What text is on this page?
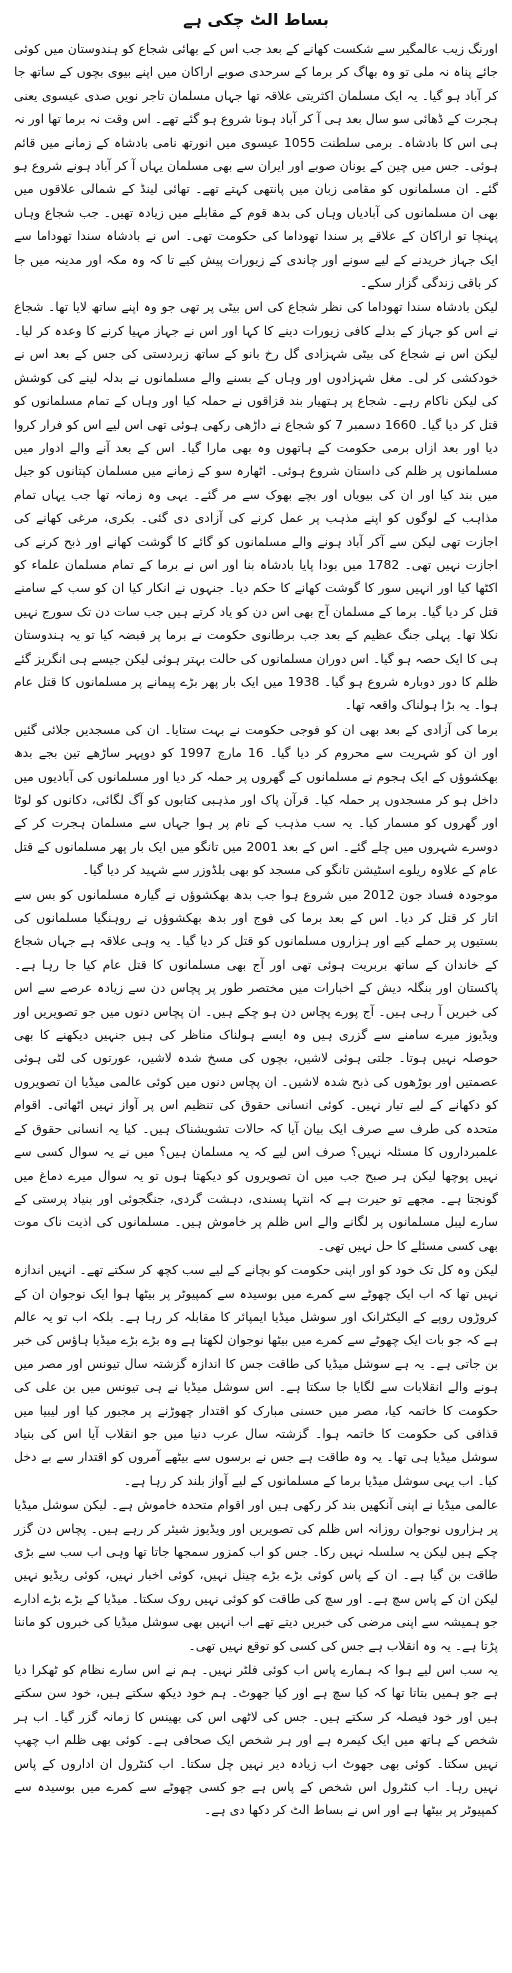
بساط الٹ چکی ہے

اورنگ زیب عالمگیر سے شکست کھانے کے بعد جب اس کے بھائی شجاع کو ہندوستان میں کوئی جائے پناہ نہ ملی تو وہ بھاگ کر برما کے سرحدی صوبے اراکان میں اپنے بیوی بچوں کے ساتھ جا کر آباد ہو گیا۔ یہ ایک مسلمان اکثریتی علاقہ تھا جہاں مسلمان تاجر نویں صدی عیسوی یعنی ہجرت کے ڈھائی سو سال بعد ہی آ کر آباد ہونا شروع ہو گئے تھے۔ اس وقت نہ برما تھا اور نہ ہی اس کا بادشاہ۔ برمی سلطنت 1055 عیسوی میں انورتھ نامی بادشاہ کے زمانے میں قائم ہوئی۔ جس میں چین کے یونان صوبے اور ایران سے بھی مسلمان یہاں آ کر آباد ہونے شروع ہو گئے۔ ان مسلمانوں کو مقامی زبان میں پانتھی کہتے تھے۔ تھائی لینڈ کے شمالی علاقوں میں بھی ان مسلمانوں کی آبادیاں وہاں کی بدھ قوم کے مقابلے میں زیادہ تھیں۔ جب شجاع وہاں پہنچا تو اراکان کے علاقے پر سندا تھوداما کی حکومت تھی۔ اس نے بادشاہ سندا تھوداما سے ایک جہاز خریدنے کے لیے سونے اور چاندی کے زیورات پیش کیے تا کہ وہ مکہ اور مدینہ میں جا کر باقی زندگی گزار سکے۔

لیکن بادشاہ سندا تھوداما کی نظر شجاع کی اس بیٹی پر تھی جو وہ اپنے ساتھ لایا تھا۔ شجاع نے اس کو جہاز کے بدلے کافی زیورات دینے کا کہا اور اس نے جہاز مہیا کرنے کا وعدہ کر لیا۔ لیکن اس نے شجاع کی بیٹی شہزادی گل رخ بانو کے ساتھ زبردستی کی جس کے بعد اس نے خودکشی کر لی۔ مغل شہزادوں اور وہاں کے بسنے والے مسلمانوں نے بدلہ لینے کی کوشش کی لیکن ناکام رہے۔ شجاع پر ہتھیار بند قزاقوں نے حملہ کیا اور وہاں کے تمام مسلمانوں کو قتل کر دیا گیا۔ 1660 دسمبر 7 کو شجاع نے داڑھی رکھی ہوئی تھی اس لیے اس کو فرار کروا دیا اور بعد ازاں برمی حکومت کے ہاتھوں وہ بھی مارا گیا۔ اس کے بعد آنے والے ادوار میں مسلمانوں پر ظلم کی داستان شروع ہوئی۔ اٹھارہ سو کے زمانے میں مسلمان کپتانوں کو جیل میں بند کیا اور ان کی بیویاں اور بچے بھوک سے مر گئے۔ یہی وہ زمانہ تھا جب یہاں تمام مذاہب کے لوگوں کو اپنے مذہب پر عمل کرنے کی آزادی دی گئی۔ بکری، مرغی کھانے کی اجازت تھی لیکن سے آکر آباد ہونے والے مسلمانوں کو گائے کا گوشت کھانے اور ذبح کرنے کی اجازت نہیں تھی۔ 1782 میں بودا پایا بادشاہ بنا اور اس نے برما کے تمام مسلمان علماء کو اکٹھا کیا اور انہیں سور کا گوشت کھانے کا حکم دیا۔ جنہوں نے انکار کیا ان کو سب کے سامنے قتل کر دیا گیا۔ برما کے مسلمان آج بھی اس دن کو یاد کرتے ہیں جب سات دن تک سورج نہیں نکلا تھا۔ پہلی جنگ عظیم کے بعد جب برطانوی حکومت نے برما پر قبضہ کیا تو یہ ہندوستان ہی کا ایک حصہ ہو گیا۔ اس دوران مسلمانوں کی حالت بہتر ہوئی لیکن جیسے ہی انگریز گئے ظلم کا دور دوبارہ شروع ہو گیا۔ 1938 میں ایک بار پھر بڑے پیمانے پر مسلمانوں کا قتل عام ہوا۔ یہ بڑا ہولناک واقعہ تھا۔

برما کی آزادی کے بعد بھی ان کو فوجی حکومت نے بہت ستایا۔ ان کی مسجدیں جلائی گئیں اور ان کو شہریت سے محروم کر دیا گیا۔ 16 مارچ 1997 کو دوپہر ساڑھے تین بجے بدھ بھکشوؤں کے ایک ہجوم نے مسلمانوں کے گھروں پر حملہ کر دیا اور مسلمانوں کی آبادیوں میں داخل ہو کر مسجدوں پر حملہ کیا۔ قرآن پاک اور مذہبی کتابوں کو آگ لگائی، دکانوں کو لوٹا اور گھروں کو مسمار کیا۔ یہ سب مذہب کے نام پر ہوا جہاں سے مسلمان ہجرت کر کے دوسرے شہروں میں چلے گئے۔ اس کے بعد 2001 میں تانگو میں ایک بار پھر مسلمانوں کے قتل عام کے علاوہ ریلوے اسٹیشن تانگو کی مسجد کو بھی بلڈوزر سے شہید کر دیا گیا۔

موجودہ فساد جون 2012 میں شروع ہوا جب بدھ بھکشوؤں نے گیارہ مسلمانوں کو بس سے اتار کر قتل کر دیا۔ اس کے بعد برما کی فوج اور بدھ بھکشوؤں نے روہنگیا مسلمانوں کی بستیوں پر حملے کیے اور ہزاروں مسلمانوں کو قتل کر دیا گیا۔ یہ وہی علاقہ ہے جہاں شجاع کے خاندان کے ساتھ بربریت ہوئی تھی اور آج بھی مسلمانوں کا قتل عام کیا جا رہا ہے۔ پاکستان اور بنگلہ دیش کے اخبارات میں مختصر طور پر پچاس دن سے زیادہ عرصے سے اس کی خبریں آ رہی ہیں۔ آج پورے پچاس دن ہو چکے ہیں۔ ان پچاس دنوں میں جو تصویریں اور ویڈیوز میرے سامنے سے گزری ہیں وہ ایسے ہولناک مناظر کی ہیں جنہیں دیکھنے کا بھی حوصلہ نہیں ہوتا۔ جلتی ہوئی لاشیں، بچوں کی مسخ شدہ لاشیں، عورتوں کی لٹی ہوئی عصمتیں اور بوڑھوں کی ذبح شدہ لاشیں۔ ان پچاس دنوں میں کوئی عالمی میڈیا ان تصویروں کو دکھانے کے لیے تیار نہیں۔ کوئی انسانی حقوق کی تنظیم اس پر آواز نہیں اٹھاتی۔ اقوام متحدہ کی طرف سے صرف ایک بیان آیا کہ حالات تشویشناک ہیں۔ کیا یہ انسانی حقوق کے علمبرداروں کا مسئلہ نہیں؟ صرف اس لیے کہ یہ مسلمان ہیں؟ میں نے یہ سوال کسی سے نہیں پوچھا لیکن ہر صبح جب میں ان تصویروں کو دیکھتا ہوں تو یہ سوال میرے دماغ میں گونجتا ہے۔ مجھے تو حیرت ہے کہ انتہا پسندی، دہشت گردی، جنگجوئی اور بنیاد پرستی کے سارے لیبل مسلمانوں پر لگانے والے اس ظلم پر خاموش ہیں۔ مسلمانوں کی اذیت ناک موت بھی کسی مسئلے کا حل نہیں تھی۔

لیکن وہ کل تک خود کو اور اپنی حکومت کو بچانے کے لیے سب کچھ کر سکتے تھے۔ انہیں اندازہ نہیں تھا کہ اب ایک چھوٹے سے کمرے میں بوسیدہ سے کمپیوٹر پر بیٹھا ہوا ایک نوجوان ان کے کروڑوں روپے کے الیکٹرانک اور سوشل میڈیا ایمپائر کا مقابلہ کر رہا ہے۔ بلکہ اب تو یہ عالم ہے کہ جو بات ایک چھوٹے سے کمرے میں بیٹھا نوجوان لکھتا ہے وہ بڑے بڑے میڈیا ہاؤس کی خبر بن جاتی ہے۔ یہ ہے سوشل میڈیا کی طاقت جس کا اندازہ گزشتہ سال تیونس اور مصر میں ہونے والے انقلابات سے لگایا جا سکتا ہے۔ اس سوشل میڈیا نے ہی تیونس میں بن علی کی حکومت کا خاتمہ کیا، مصر میں حسنی مبارک کو اقتدار چھوڑنے پر مجبور کیا اور لیبیا میں قذافی کی حکومت کا خاتمہ ہوا۔ گزشتہ سال عرب دنیا میں جو انقلاب آیا اس کی بنیاد سوشل میڈیا ہی تھا۔ یہ وہ طاقت ہے جس نے برسوں سے بیٹھے آمروں کو اقتدار سے بے دخل کیا۔ اب یہی سوشل میڈیا برما کے مسلمانوں کے لیے آواز بلند کر رہا ہے۔

عالمی میڈیا نے اپنی آنکھیں بند کر رکھی ہیں اور اقوام متحدہ خاموش ہے۔ لیکن سوشل میڈیا پر ہزاروں نوجوان روزانہ اس ظلم کی تصویریں اور ویڈیوز شیئر کر رہے ہیں۔ پچاس دن گزر چکے ہیں لیکن یہ سلسلہ نہیں رکا۔ جس کو اب کمزور سمجھا جاتا تھا وہی اب سب سے بڑی طاقت بن گیا ہے۔ ان کے پاس کوئی بڑے بڑے چینل نہیں، کوئی اخبار نہیں، کوئی ریڈیو نہیں لیکن ان کے پاس سچ ہے۔ اور سچ کی طاقت کو کوئی نہیں روک سکتا۔ میڈیا کے بڑے بڑے ادارے جو ہمیشہ سے اپنی مرضی کی خبریں دیتے تھے اب انہیں بھی سوشل میڈیا کی خبروں کو ماننا پڑتا ہے۔ یہ وہ انقلاب ہے جس کی کسی کو توقع نہیں تھی۔

یہ سب اس لیے ہوا کہ ہمارے پاس اب کوئی فلٹر نہیں۔ ہم نے اس سارے نظام کو ٹھکرا دیا ہے جو ہمیں بتاتا تھا کہ کیا سچ ہے اور کیا جھوٹ۔ ہم خود دیکھ سکتے ہیں، خود سن سکتے ہیں اور خود فیصلہ کر سکتے ہیں۔ جس کی لاٹھی اس کی بھینس کا زمانہ گزر گیا۔ اب ہر شخص کے ہاتھ میں ایک کیمرہ ہے اور ہر شخص ایک صحافی ہے۔ کوئی بھی ظلم اب چھپ نہیں سکتا۔ کوئی بھی جھوٹ اب زیادہ دیر نہیں چل سکتا۔ اب کنٹرول ان اداروں کے پاس نہیں رہا۔ اب کنٹرول اس شخص کے پاس ہے جو کسی چھوٹے سے کمرے میں بوسیدہ سے کمپیوٹر پر بیٹھا ہے اور اس نے بساط الٹ کر دکھا دی ہے۔
